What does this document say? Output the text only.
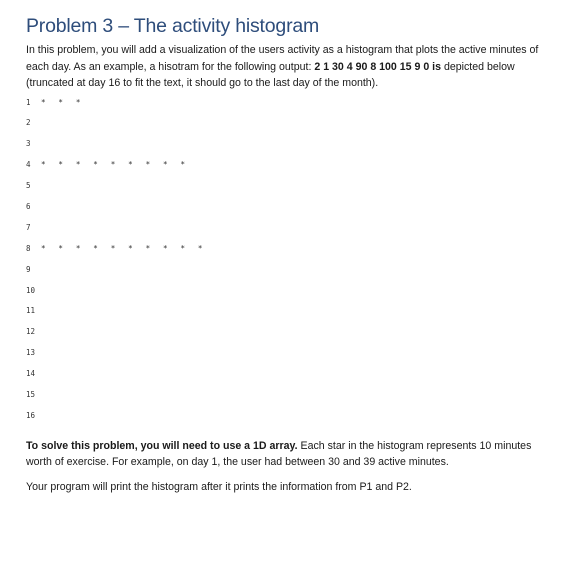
Problem 3 – The activity histogram

In this problem, you will add a visualization of the users activity as a histogram that plots the active minutes of each day. As an example, a hisotram for the following output: 2 1 30 4 90 8 100 15 9 0 is depicted below (truncated at day 16 to fit the text, it should go to the last day of the month).

1 * * *
2
3
4 * * * * * * * * *
5
6
7
8 * * * * * * * * * *
9
10
11
12
13
14
15
16

To solve this problem, you will need to use a 1D array. Each star in the histogram represents 10 minutes worth of exercise. For example, on day 1, the user had between 30 and 39 active minutes.

Your program will print the histogram after it prints the information from P1 and P2.
